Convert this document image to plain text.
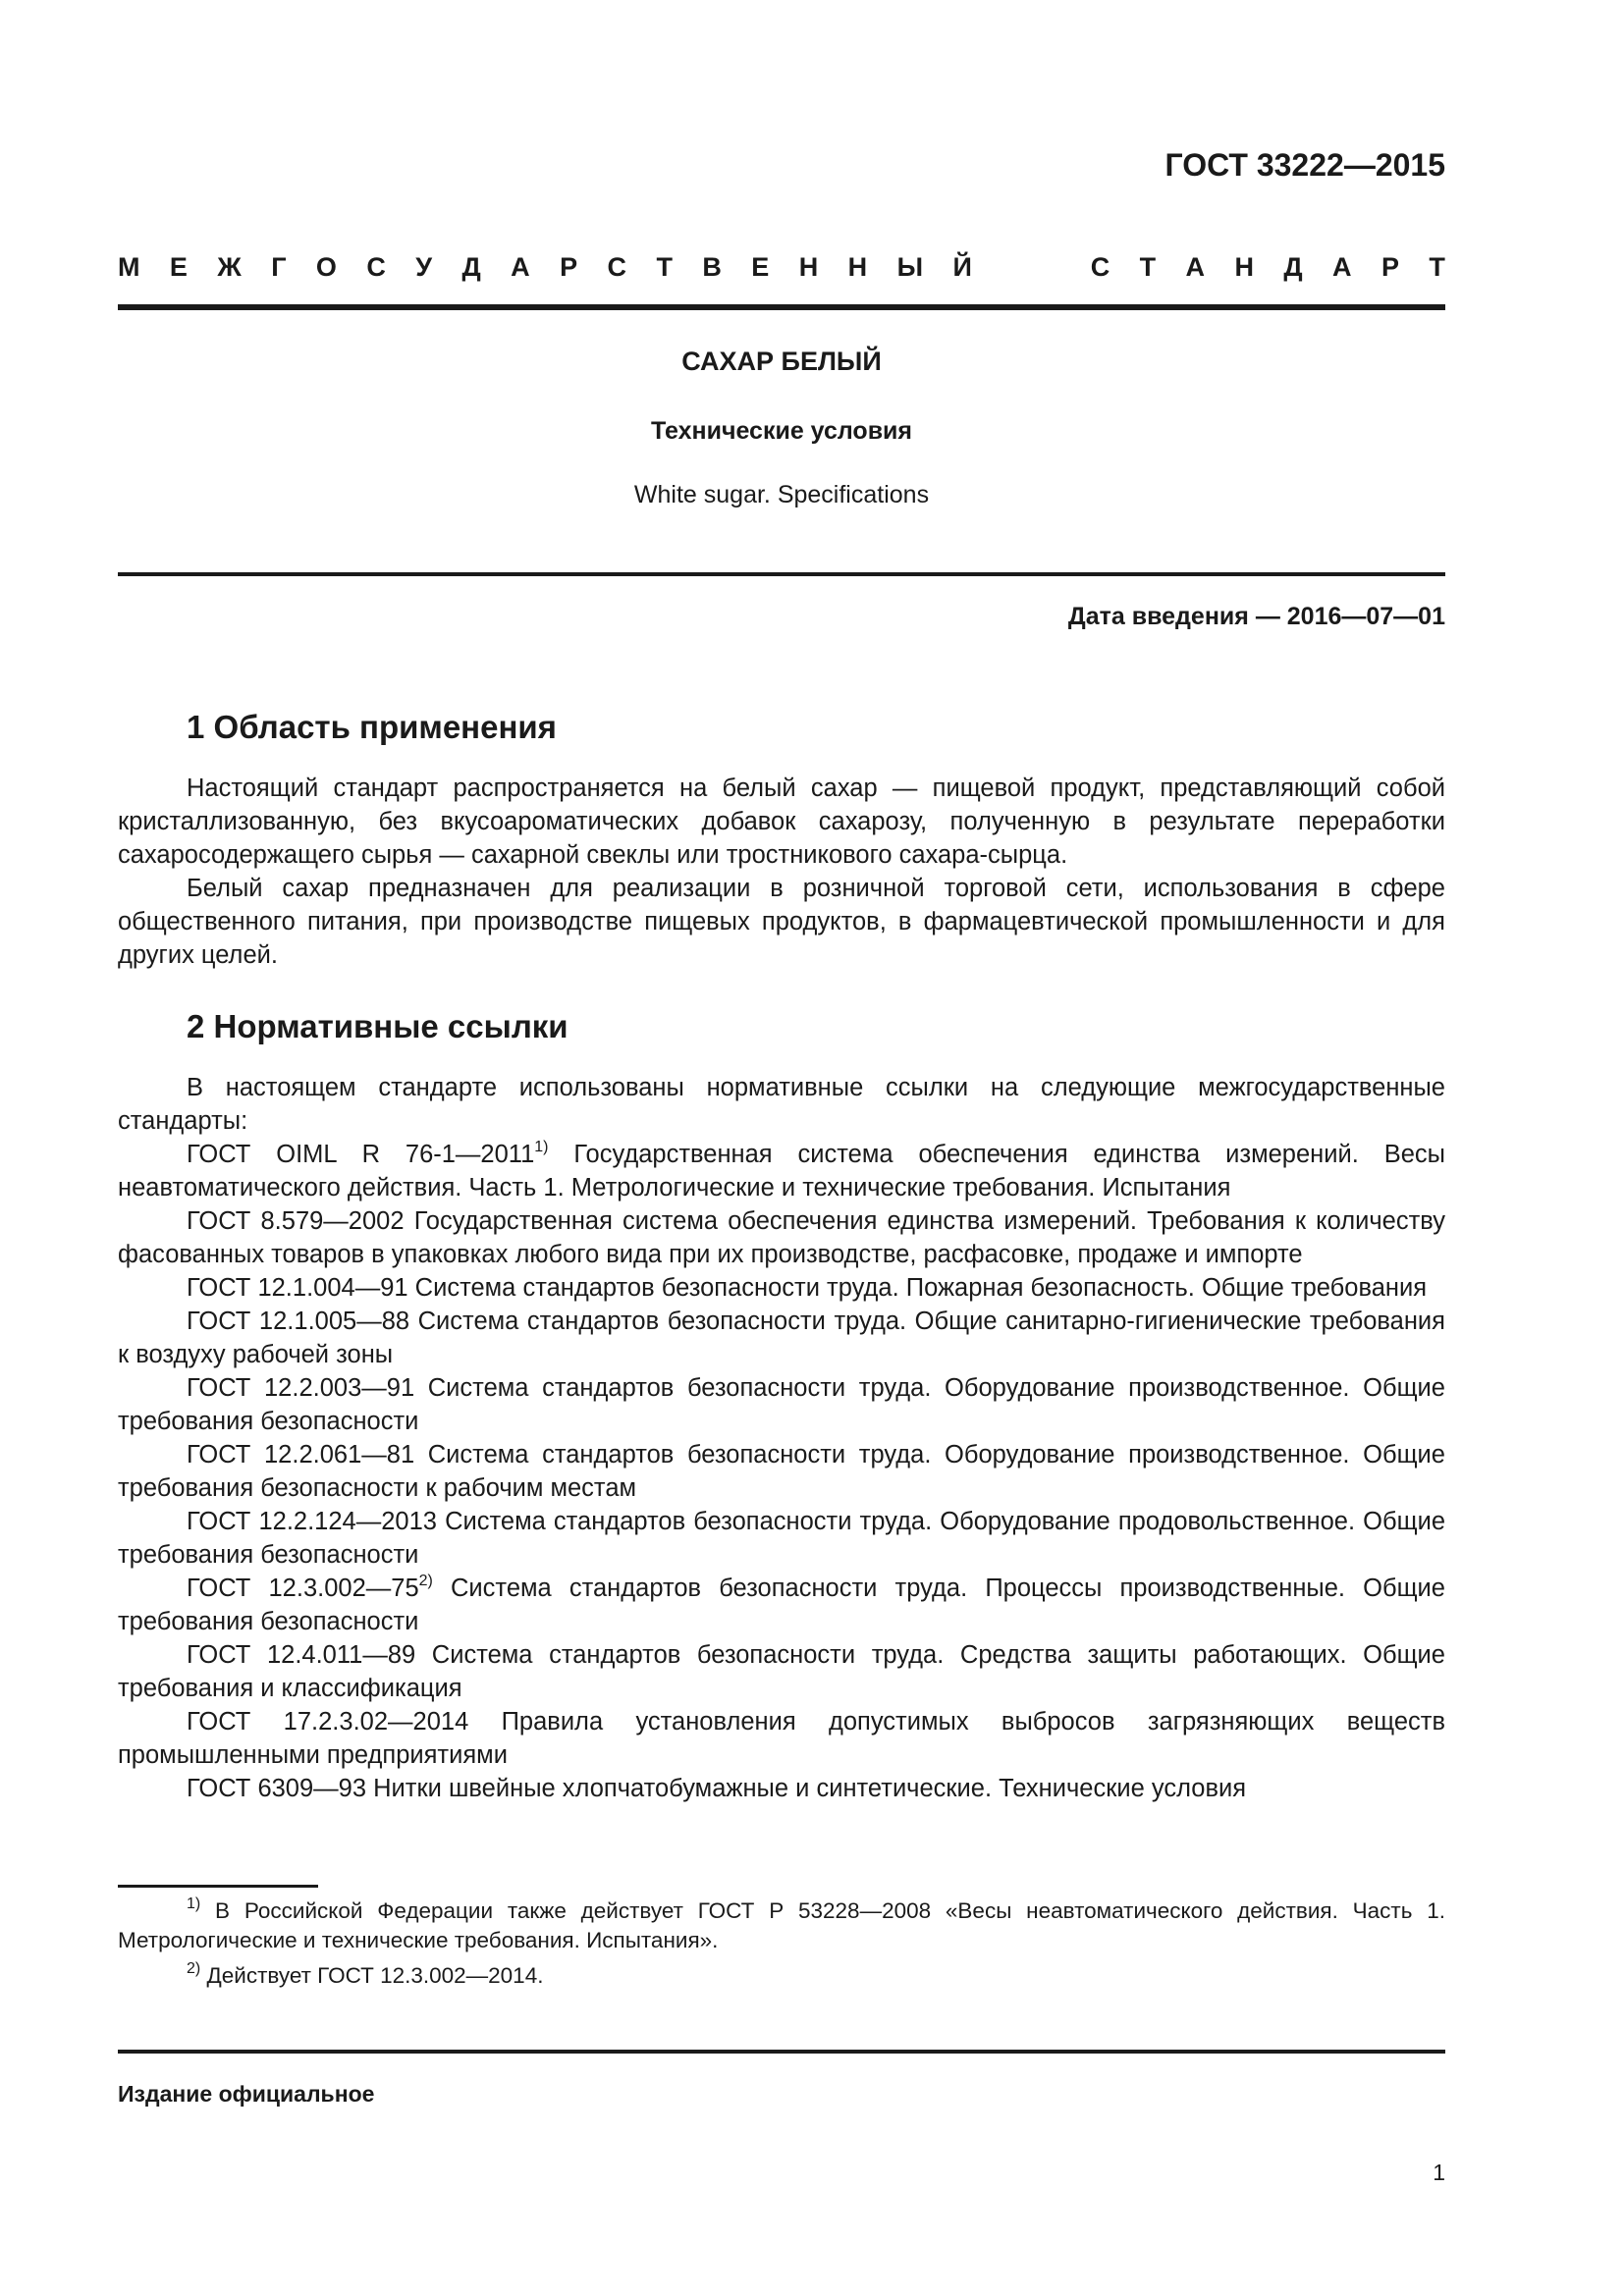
ГОСТ 33222—2015
М Е Ж Г О С У Д А Р С Т В Е Н Н Ы Й	С Т А Н Д А Р Т
САХАР БЕЛЫЙ
Технические условия
White sugar. Specifications
Дата введения — 2016—07—01
1 Область применения

Настоящий стандарт распространяется на белый сахар — пищевой продукт, представляющий собой кристаллизованную, без вкусоароматических добавок сахарозу, полученную в результате переработки сахаросодержащего сырья — сахарной свеклы или тростникового сахара-сырца.

Белый сахар предназначен для реализации в розничной торговой сети, использования в сфере общественного питания, при производстве пищевых продуктов, в фармацевтической промышленности и для других целей.

2 Нормативные ссылки

В настоящем стандарте использованы нормативные ссылки на следующие межгосударственные стандарты:

ГОСТ OIML R 76-1—2011$^{1)}$ Государственная система обеспечения единства измерений. Весы неавтоматического действия. Часть 1. Метрологические и технические требования. Испытания

ГОСТ 8.579—2002 Государственная система обеспечения единства измерений. Требования к количеству фасованных товаров в упаковках любого вида при их производстве, расфасовке, продаже и импорте

ГОСТ 12.1.004—91 Система стандартов безопасности труда. Пожарная безопасность. Общие требования

ГОСТ 12.1.005—88 Система стандартов безопасности труда. Общие санитарно-гигиенические требования к воздуху рабочей зоны

ГОСТ 12.2.003—91 Система стандартов безопасности труда. Оборудование производственное. Общие требования безопасности

ГОСТ 12.2.061—81 Система стандартов безопасности труда. Оборудование производственное. Общие требования безопасности к рабочим местам

ГОСТ 12.2.124—2013 Система стандартов безопасности труда. Оборудование продовольственное. Общие требования безопасности

ГОСТ 12.3.002—75$^{2)}$ Система стандартов безопасности труда. Процессы производственные. Общие требования безопасности

ГОСТ 12.4.011—89 Система стандартов безопасности труда. Средства защиты работающих. Общие требования и классификация

ГОСТ 17.2.3.02—2014 Правила установления допустимых выбросов загрязняющих веществ промышленными предприятиями

ГОСТ 6309—93 Нитки швейные хлопчатобумажные и синтетические. Технические условия

$^{1)}$ В Российской Федерации также действует ГОСТ Р 53228—2008 «Весы неавтоматического действия. Часть 1. Метрологические и технические требования. Испытания».

$^{2)}$ Действует ГОСТ 12.3.002—2014.

Издание официальное
1
